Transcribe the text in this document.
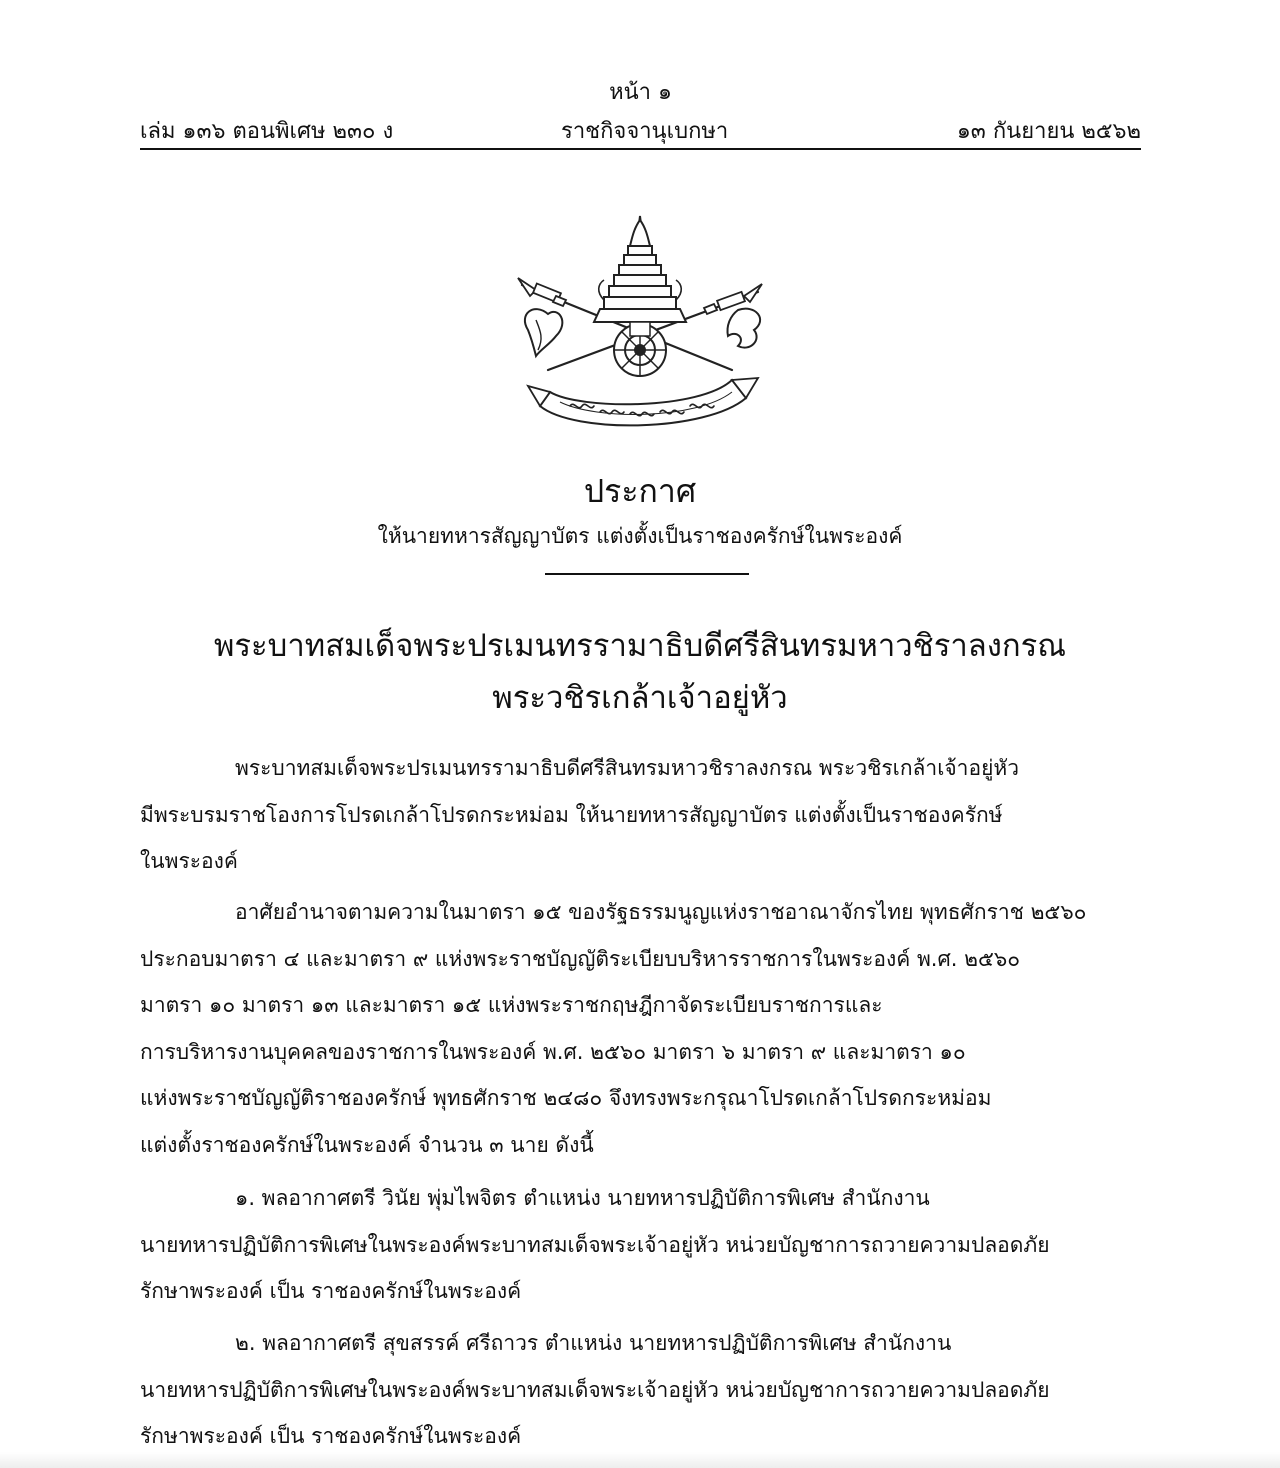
หน้า ๑
เล่ม ๑๓๖ ตอนพิเศษ ๒๓๐ ง	ราชกิจจานุเบกษา	๑๓ กันยายน ๒๕๖๒
ประกาศ
ให้นายทหารสัญญาบัตร แต่งตั้งเป็นราชองครักษ์ในพระองค์
พระบาทสมเด็จพระปรเมนทรรามาธิบดีศรีสินทรมหาวชิราลงกรณ
พระวชิรเกล้าเจ้าอยู่หัว
พระบาทสมเด็จพระปรเมนทรรามาธิบดีศรีสินทรมหาวชิราลงกรณ พระวชิรเกล้าเจ้าอยู่หัว
มีพระบรมราชโองการโปรดเกล้าโปรดกระหม่อม ให้นายทหารสัญญาบัตร แต่งตั้งเป็นราชองครักษ์
ในพระองค์
อาศัยอำนาจตามความในมาตรา ๑๕ ของรัฐธรรมนูญแห่งราชอาณาจักรไทย พุทธศักราช ๒๕๖๐
ประกอบมาตรา ๔ และมาตรา ๙ แห่งพระราชบัญญัติระเบียบบริหารราชการในพระองค์ พ.ศ. ๒๕๖๐
มาตรา ๑๐ มาตรา ๑๓ และมาตรา ๑๕ แห่งพระราชกฤษฎีกาจัดระเบียบราชการและ
การบริหารงานบุคคลของราชการในพระองค์ พ.ศ. ๒๕๖๐ มาตรา ๖ มาตรา ๙ และมาตรา ๑๐
แห่งพระราชบัญญัติราชองครักษ์ พุทธศักราช ๒๔๘๐ จึงทรงพระกรุณาโปรดเกล้าโปรดกระหม่อม
แต่งตั้งราชองครักษ์ในพระองค์ จำนวน ๓ นาย ดังนี้
๑. พลอากาศตรี วินัย พุ่มไพจิตร ตำแหน่ง นายทหารปฏิบัติการพิเศษ สำนักงาน
นายทหารปฏิบัติการพิเศษในพระองค์พระบาทสมเด็จพระเจ้าอยู่หัว หน่วยบัญชาการถวายความปลอดภัย
รักษาพระองค์ เป็น ราชองครักษ์ในพระองค์
๒. พลอากาศตรี สุขสรรค์ ศรีถาวร ตำแหน่ง นายทหารปฏิบัติการพิเศษ สำนักงาน
นายทหารปฏิบัติการพิเศษในพระองค์พระบาทสมเด็จพระเจ้าอยู่หัว หน่วยบัญชาการถวายความปลอดภัย
รักษาพระองค์ เป็น ราชองครักษ์ในพระองค์
